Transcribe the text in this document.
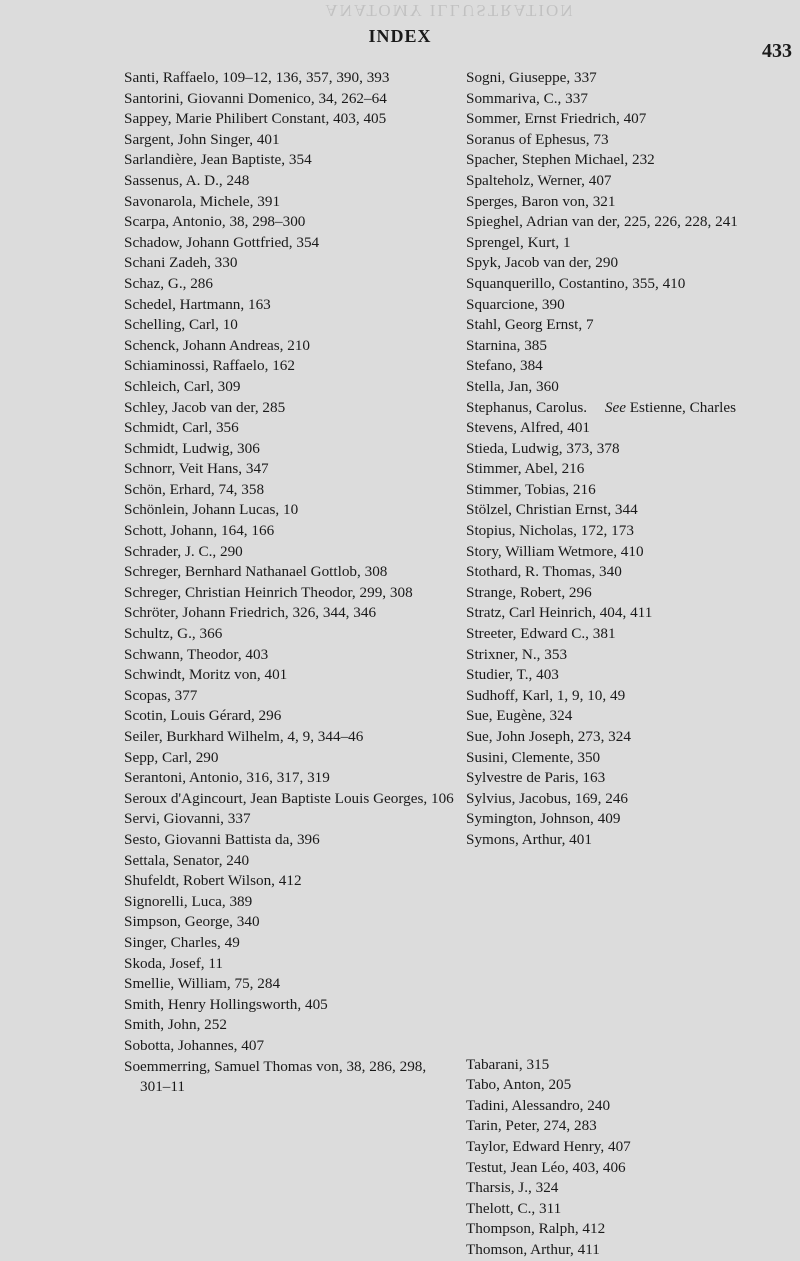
ANATOMY ILLUSTRATION
INDEX
433
Santi, Raffaelo, 109–12, 136, 357, 390, 393
Santorini, Giovanni Domenico, 34, 262–64
Sappey, Marie Philibert Constant, 403, 405
Sargent, John Singer, 401
Sarlandière, Jean Baptiste, 354
Sassenus, A. D., 248
Savonarola, Michele, 391
Scarpa, Antonio, 38, 298–300
Schadow, Johann Gottfried, 354
Schani Zadeh, 330
Schaz, G., 286
Schedel, Hartmann, 163
Schelling, Carl, 10
Schenck, Johann Andreas, 210
Schiaminossi, Raffaelo, 162
Schleich, Carl, 309
Schley, Jacob van der, 285
Schmidt, Carl, 356
Schmidt, Ludwig, 306
Schnorr, Veit Hans, 347
Schön, Erhard, 74, 358
Schönlein, Johann Lucas, 10
Schott, Johann, 164, 166
Schrader, J. C., 290
Schreger, Bernhard Nathanael Gottlob, 308
Schreger, Christian Heinrich Theodor, 299, 308
Schröter, Johann Friedrich, 326, 344, 346
Schultz, G., 366
Schwann, Theodor, 403
Schwindt, Moritz von, 401
Scopas, 377
Scotin, Louis Gérard, 296
Seiler, Burkhard Wilhelm, 4, 9, 344–46
Sepp, Carl, 290
Serantoni, Antonio, 316, 317, 319
Seroux d'Agincourt, Jean Baptiste Louis Georges, 106
Servi, Giovanni, 337
Sesto, Giovanni Battista da, 396
Settala, Senator, 240
Shufeldt, Robert Wilson, 412
Signorelli, Luca, 389
Simpson, George, 340
Singer, Charles, 49
Skoda, Josef, 11
Smellie, William, 75, 284
Smith, Henry Hollingsworth, 405
Smith, John, 252
Sobotta, Johannes, 407
Soemmerring, Samuel Thomas von, 38, 286, 298, 301–11
Sogni, Giuseppe, 337
Sommariva, C., 337
Sommer, Ernst Friedrich, 407
Soranus of Ephesus, 73
Spacher, Stephen Michael, 232
Spalteholz, Werner, 407
Sperges, Baron von, 321
Spieghel, Adrian van der, 225, 226, 228, 241
Sprengel, Kurt, 1
Spyk, Jacob van der, 290
Squanquerillo, Costantino, 355, 410
Squarcione, 390
Stahl, Georg Ernst, 7
Starnina, 385
Stefano, 384
Stella, Jan, 360
Stephanus, Carolus. See Estienne, Charles
Stevens, Alfred, 401
Stieda, Ludwig, 373, 378
Stimmer, Abel, 216
Stimmer, Tobias, 216
Stölzel, Christian Ernst, 344
Stopius, Nicholas, 172, 173
Story, William Wetmore, 410
Stothard, R. Thomas, 340
Strange, Robert, 296
Stratz, Carl Heinrich, 404, 411
Streeter, Edward C., 381
Strixner, N., 353
Studier, T., 403
Sudhoff, Karl, 1, 9, 10, 49
Sue, Eugène, 324
Sue, John Joseph, 273, 324
Susini, Clemente, 350
Sylvestre de Paris, 163
Sylvius, Jacobus, 169, 246
Symington, Johnson, 409
Symons, Arthur, 401
Tabarani, 315
Tabo, Anton, 205
Tadini, Alessandro, 240
Tarin, Peter, 274, 283
Taylor, Edward Henry, 407
Testut, Jean Léo, 403, 406
Tharsis, J., 324
Thelott, C., 311
Thompson, Ralph, 412
Thomson, Arthur, 411
